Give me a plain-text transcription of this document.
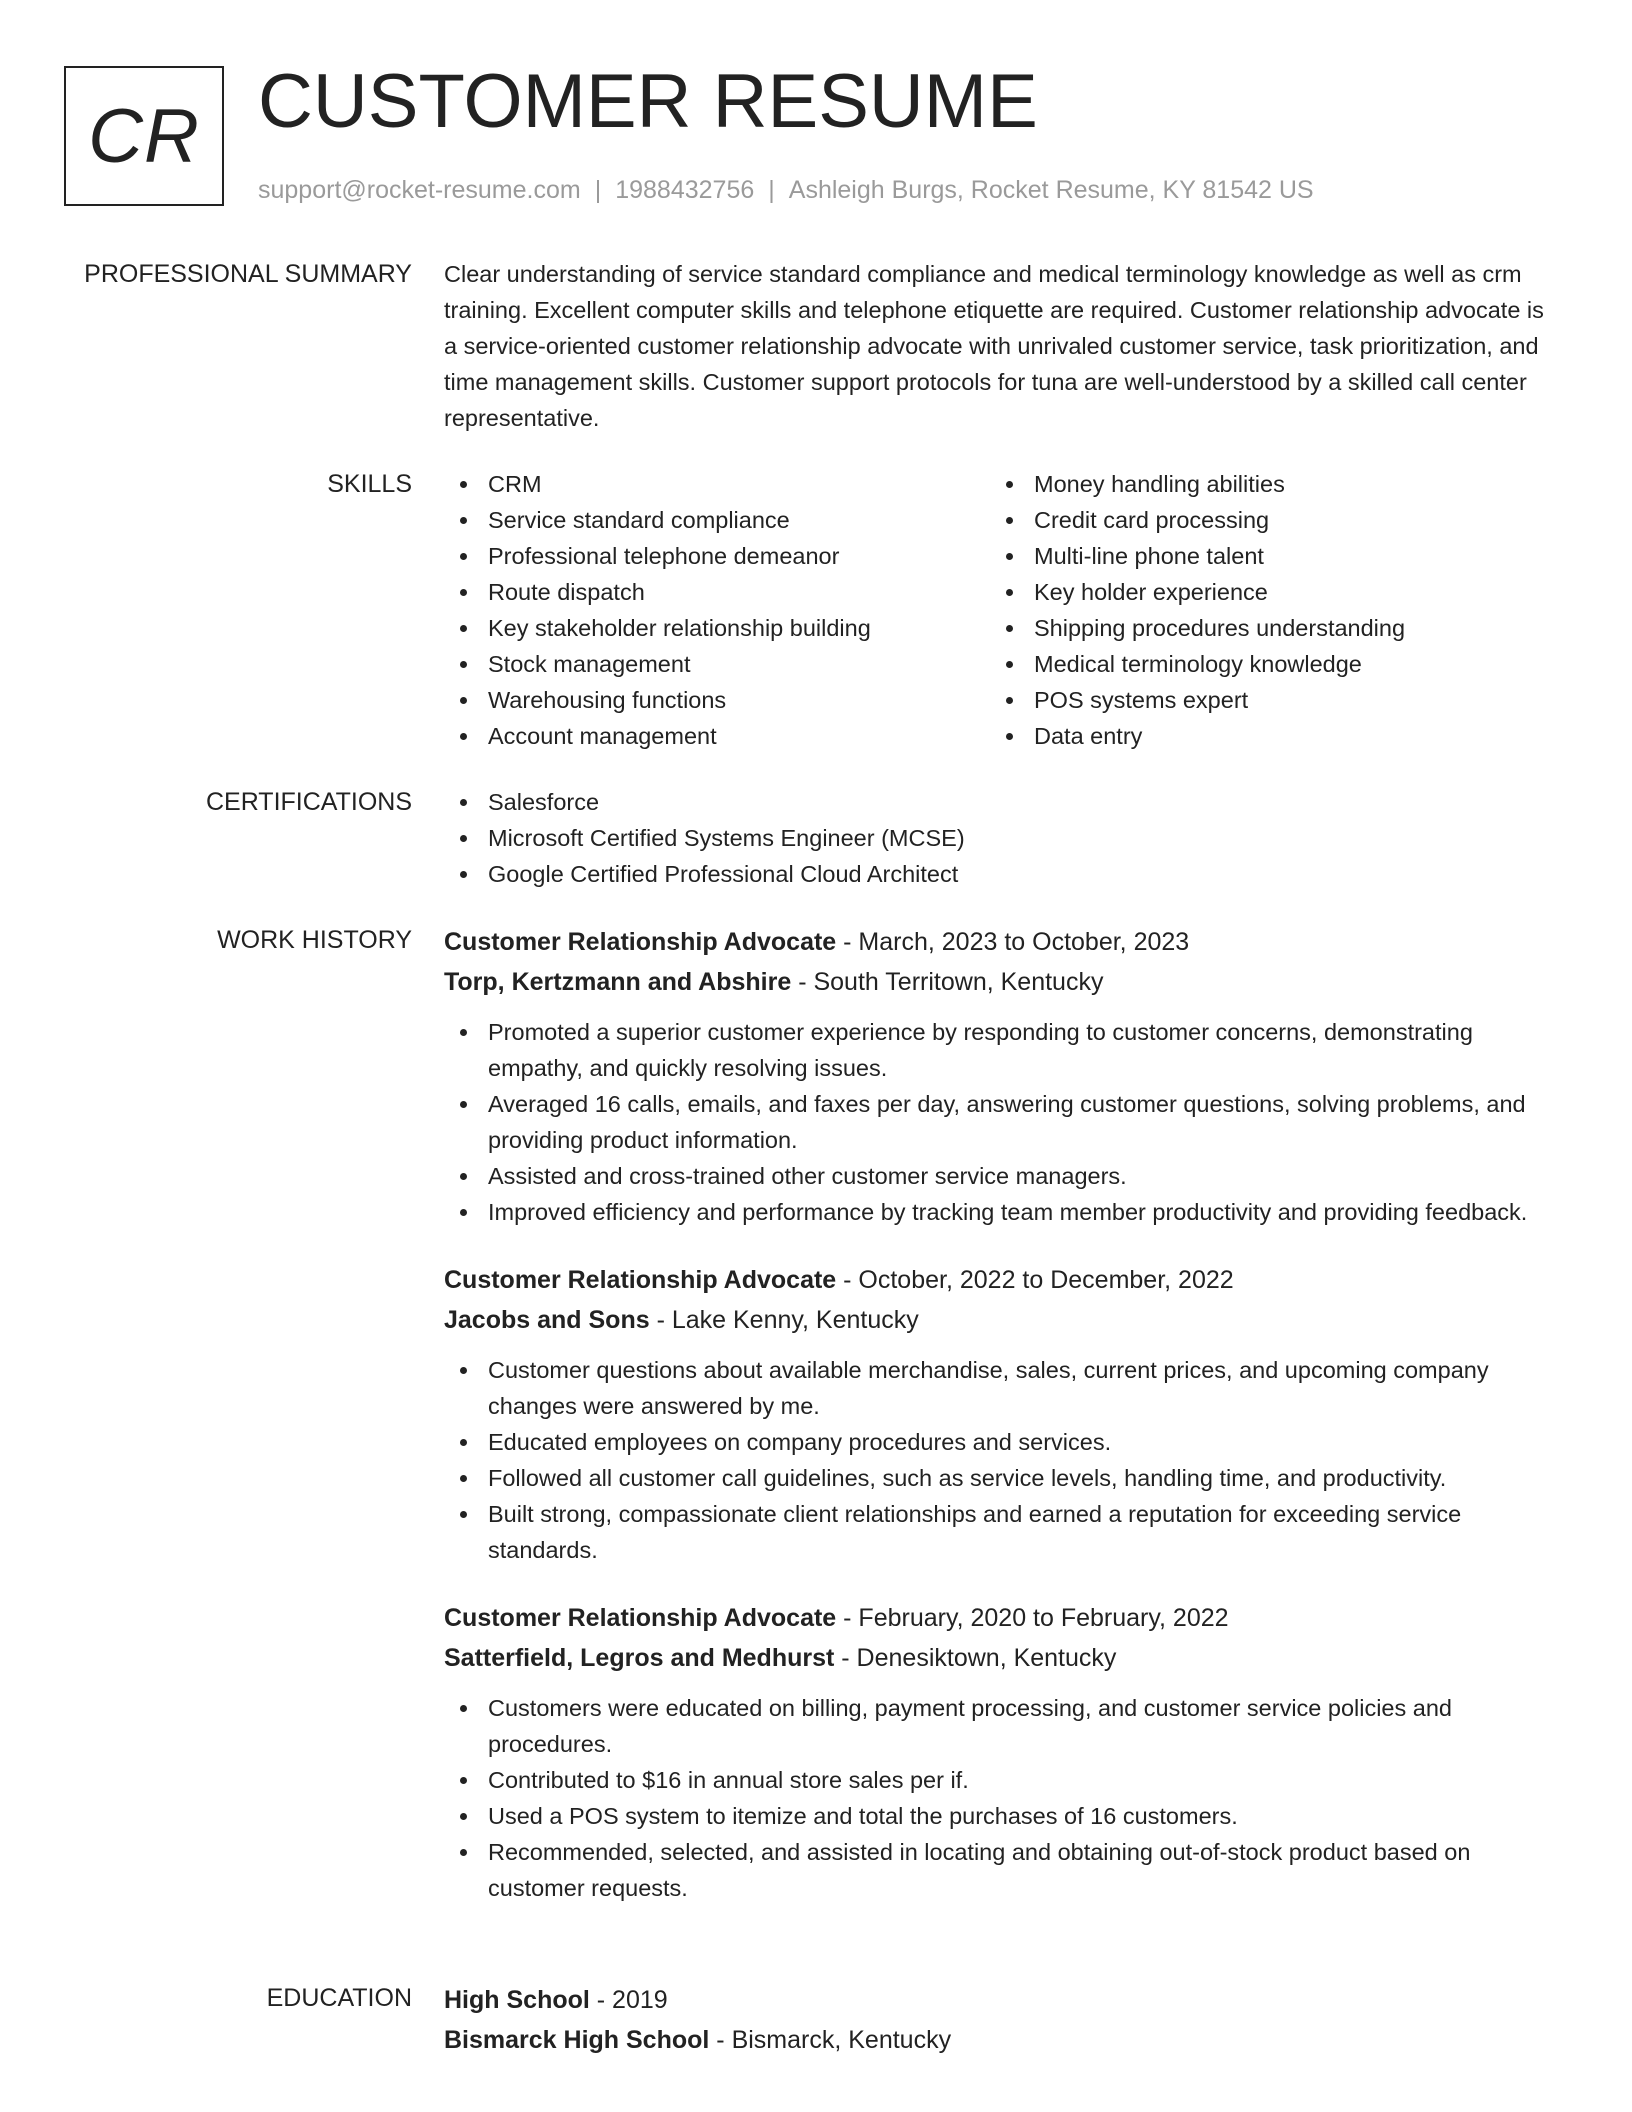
CR CUSTOMER RESUME
support@rocket-resume.com | 1988432756 | Ashleigh Burgs, Rocket Resume, KY 81542 US
PROFESSIONAL SUMMARY Clear understanding of service standard compliance and medical terminology knowledge as well as crm training. Excellent computer skills and telephone etiquette are required. Customer relationship advocate is a service-oriented customer relationship advocate with unrivaled customer service, task prioritization, and time management skills. Customer support protocols for tuna are well-understood by a skilled call center representative.
SKILLS	CRM
Service standard compliance
Professional telephone demeanor
Route dispatch
Key stakeholder relationship building
Stock management
Warehousing functions
Account management
Money handling abilities
Credit card processing
Multi-line phone talent
Key holder experience
Shipping procedures understanding
Medical terminology knowledge
POS systems expert
Data entry
CERTIFICATIONS	Salesforce
Microsoft Certified Systems Engineer (MCSE)
Google Certified Professional Cloud Architect
WORK HISTORY Customer Relationship Advocate - March, 2023 to October, 2023
Torp, Kertzmann and Abshire - South Territown, Kentucky
Promoted a superior customer experience by responding to customer concerns, demonstrating empathy, and quickly resolving issues.
Averaged 16 calls, emails, and faxes per day, answering customer questions, solving problems, and providing product information.
Assisted and cross-trained other customer service managers.
Improved efficiency and performance by tracking team member productivity and providing feedback.
Customer Relationship Advocate - October, 2022 to December, 2022
Jacobs and Sons - Lake Kenny, Kentucky
Customer questions about available merchandise, sales, current prices, and upcoming company changes were answered by me.
Educated employees on company procedures and services.
Followed all customer call guidelines, such as service levels, handling time, and productivity.
Built strong, compassionate client relationships and earned a reputation for exceeding service standards.
Customer Relationship Advocate - February, 2020 to February, 2022
Satterfield, Legros and Medhurst - Denesiktown, Kentucky
Customers were educated on billing, payment processing, and customer service policies and procedures.
Contributed to $16 in annual store sales per if.
Used a POS system to itemize and total the purchases of 16 customers.
Recommended, selected, and assisted in locating and obtaining out-of-stock product based on customer requests.
EDUCATION High School - 2019
Bismarck High School - Bismarck, Kentucky
